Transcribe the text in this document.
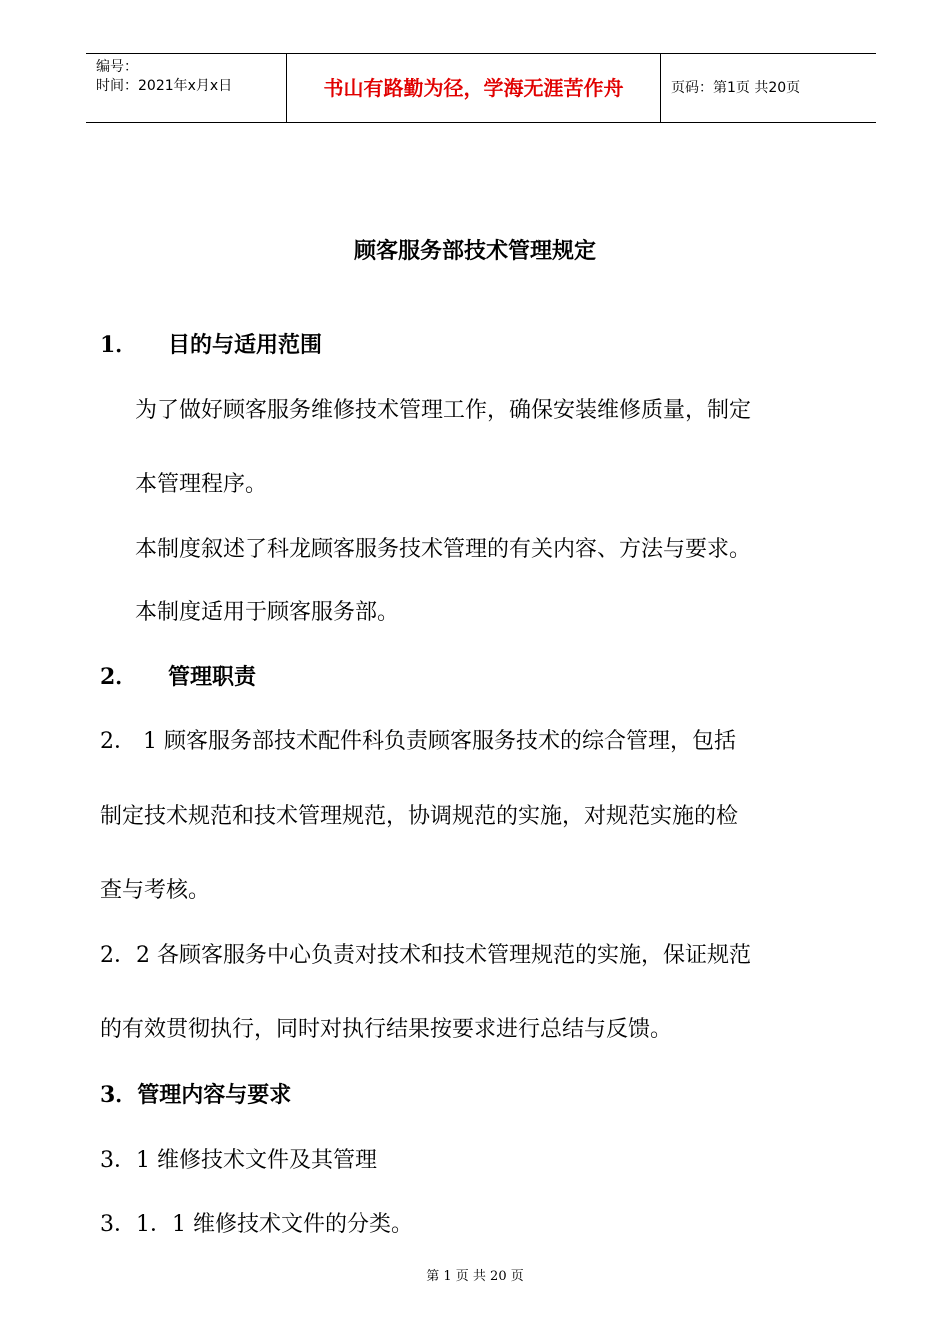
编号：
时间：2021年x月x日	书山有路勤为径，学海无涯苦作舟	页码：第1页 共20页
顾客服务部技术管理规定
1． 目的与适用范围
为了做好顾客服务维修技术管理工作，确保安装维修质量，制定
本管理程序。
本制度叙述了科龙顾客服务技术管理的有关内容、方法与要求。
本制度适用于顾客服务部。
2． 管理职责
2． 1 顾客服务部技术配件科负责顾客服务技术的综合管理，包括
制定技术规范和技术管理规范，协调规范的实施，对规范实施的检
查与考核。
2．2 各顾客服务中心负责对技术和技术管理规范的实施，保证规范
的有效贯彻执行，同时对执行结果按要求进行总结与反馈。
3．管理内容与要求
3．1 维修技术文件及其管理
3．1．1 维修技术文件的分类。
第 1 页 共 20 页
